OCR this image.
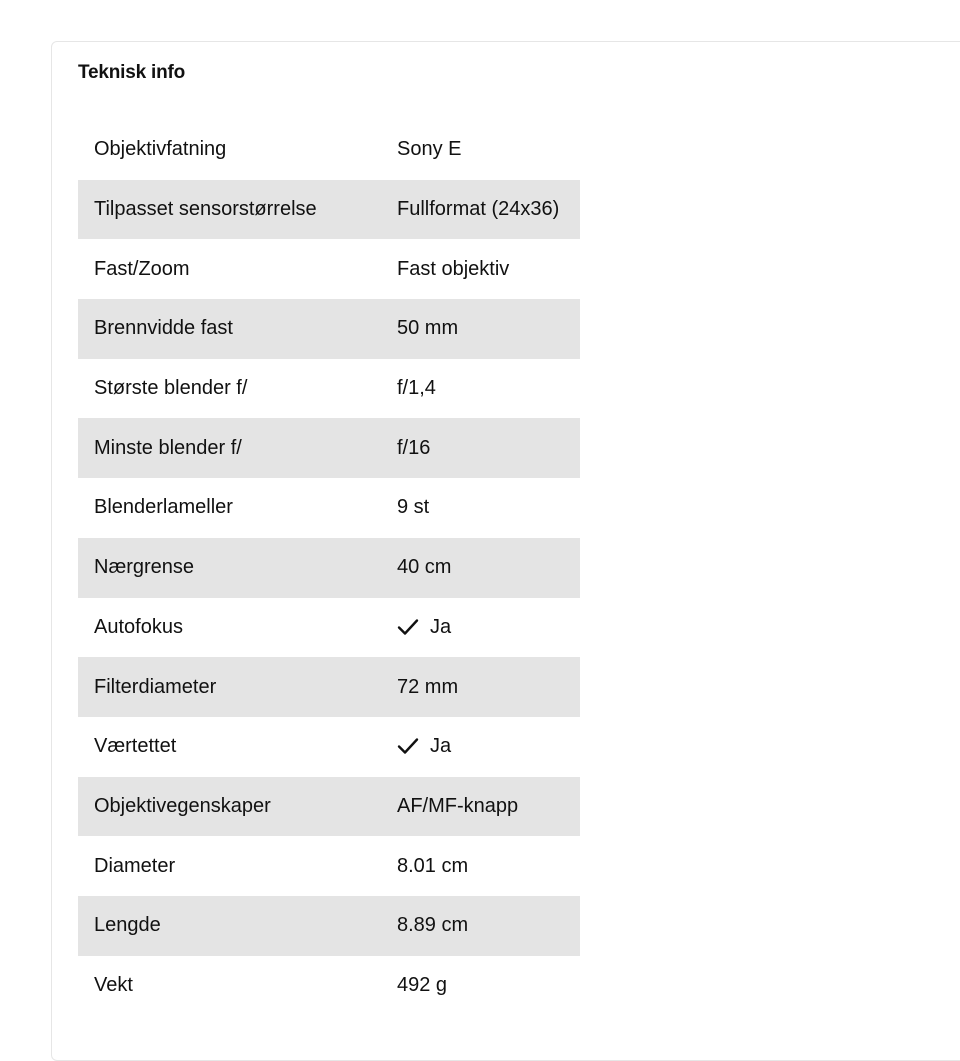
Teknisk info
Objektivfatning	Sony E
Tilpasset sensorstørrelse	Fullformat (24x36)
Fast/Zoom	Fast objektiv
Brennvidde fast	50 mm
Største blender f/	f/1,4
Minste blender f/	f/16
Blenderlameller	9 st
Nærgrense	40 cm
Autofokus	Ja
Filterdiameter	72 mm
Værtettet	Ja
Objektivegenskaper	AF/MF-knapp
Diameter	8.01 cm
Lengde	8.89 cm
Vekt	492 g
